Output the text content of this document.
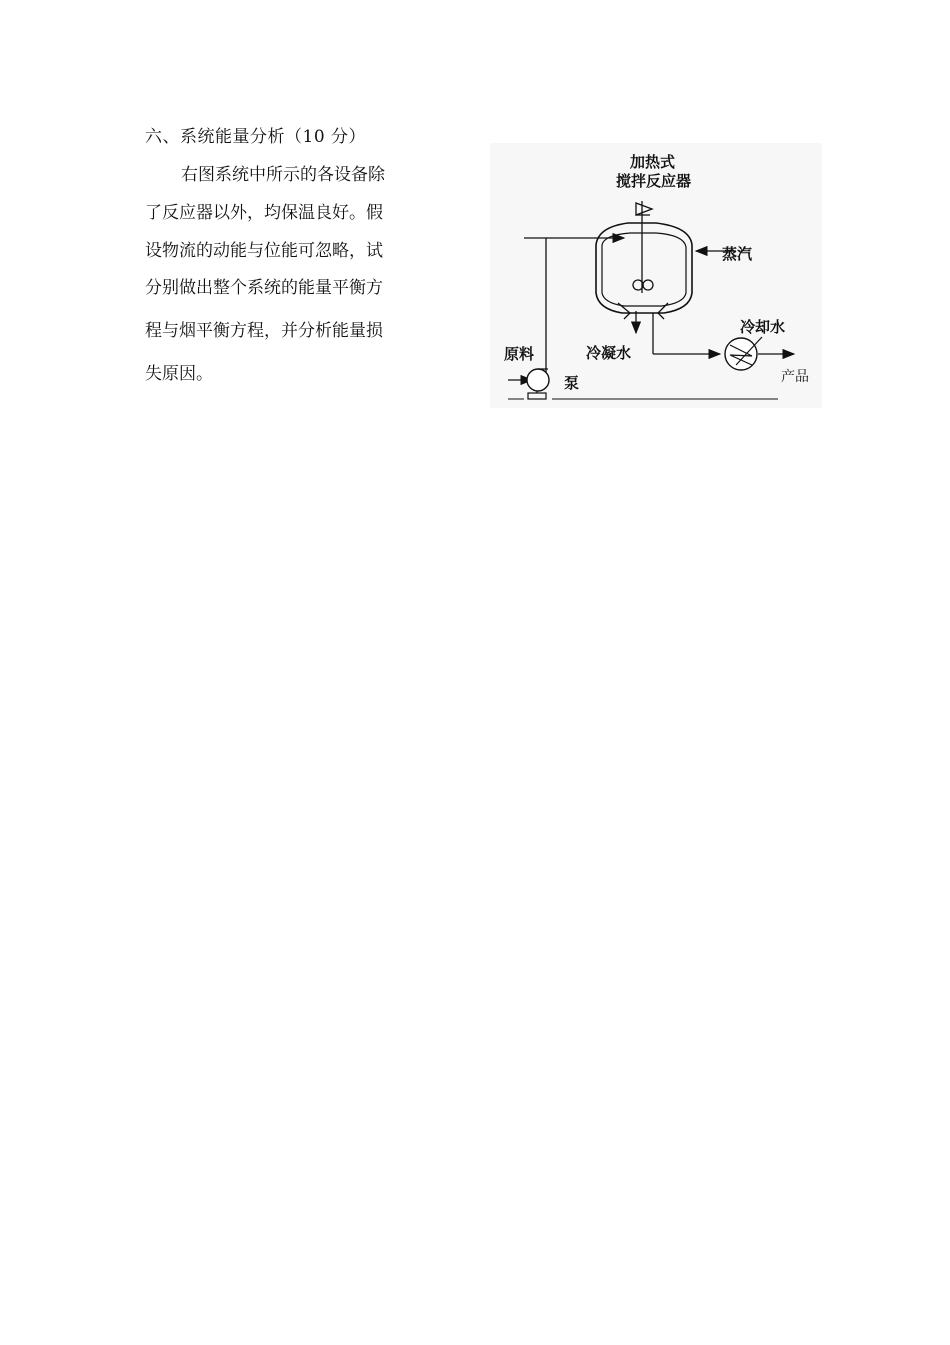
六、系统能量分析（10 分）
右图系统中所示的各设备除
了反应器以外，均保温良好。假
设物流的动能与位能可忽略，试
分别做出整个系统的能量平衡方
程与烟平衡方程，并分析能量损
失原因。
加热式
搅拌反应器
蒸汽
冷凝水
冷却水
产品
原料
泵
